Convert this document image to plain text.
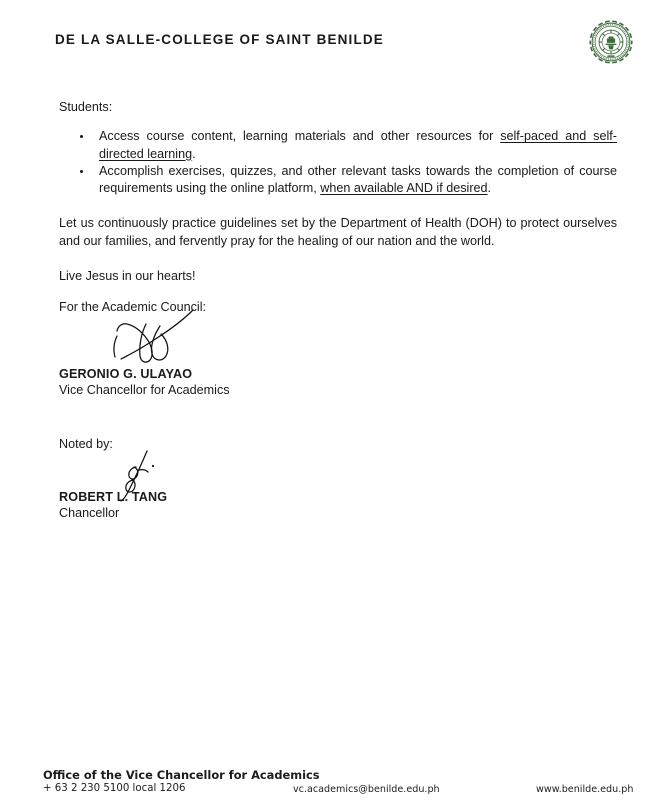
DE LA SALLE-COLLEGE OF SAINT BENILDE

Students:

Access course content, learning materials and other resources for self-paced and self-directed learning.
Accomplish exercises, quizzes, and other relevant tasks towards the completion of course requirements using the online platform, when available AND if desired.

Let us continuously practice guidelines set by the Department of Health (DOH) to protect ourselves and our families, and fervently pray for the healing of our nation and the world.

Live Jesus in our hearts!

For the Academic Council:

GERONIO G. ULAYAO

Vice Chancellor for Academics

Noted by:

ROBERT L. TANG

Chancellor

Office of the Vice Chancellor for Academics
+ 63 2 230 5100 local 1206	vc.academics@benilde.edu.ph	www.benilde.edu.ph
